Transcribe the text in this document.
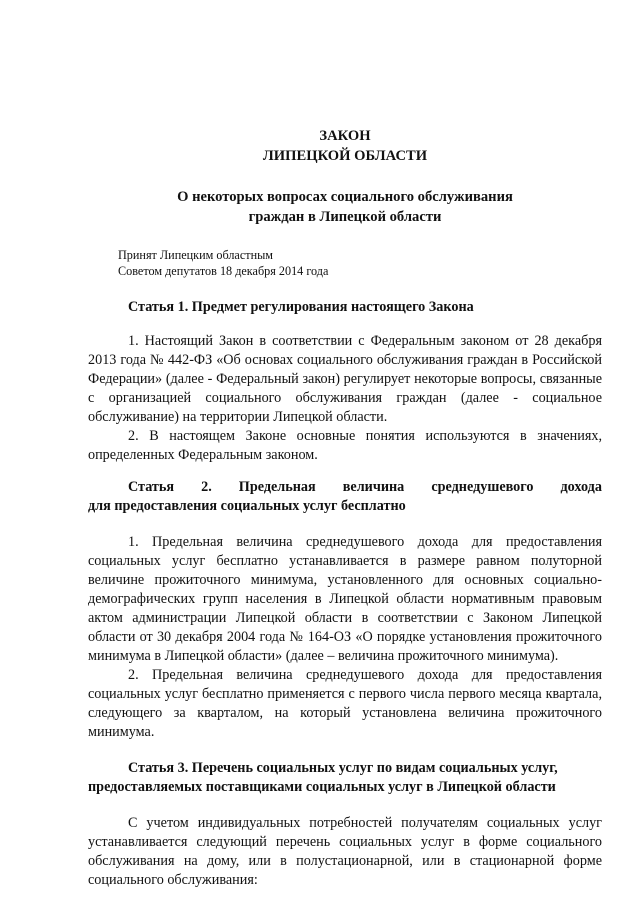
ЗАКОН
ЛИПЕЦКОЙ ОБЛАСТИ
О некоторых вопросах социального обслуживания
граждан в Липецкой области
Принят Липецким областным
Советом депутатов 18 декабря 2014 года
Статья 1. Предмет регулирования настоящего Закона
1. Настоящий Закон в соответствии с Федеральным законом от 28 декабря 2013 года № 442-ФЗ «Об основах социального обслуживания граждан в Российской Федерации» (далее - Федеральный закон) регулирует некоторые вопросы, связанные с организацией социального обслуживания граждан (далее - социальное обслуживание) на территории Липецкой области.
2. В настоящем Законе основные понятия используются в значениях, определенных Федеральным законом.
Статья 2. Предельная величина среднедушевого дохода
для предоставления социальных услуг бесплатно
1. Предельная величина среднедушевого дохода для предоставления социальных услуг бесплатно устанавливается в размере равном полуторной величине прожиточного минимума, установленного для основных социально-демографических групп населения в Липецкой области нормативным правовым актом администрации Липецкой области в соответствии с Законом Липецкой области от 30 декабря 2004 года № 164-ОЗ «О порядке установления прожиточного минимума в Липецкой области» (далее – величина прожиточного минимума).
2. Предельная величина среднедушевого дохода для предоставления социальных услуг бесплатно применяется с первого числа первого месяца квартала, следующего за кварталом, на который установлена величина прожиточного минимума.
Статья 3. Перечень социальных услуг по видам социальных услуг,
предоставляемых поставщиками социальных услуг в Липецкой области
С учетом индивидуальных потребностей получателям социальных услуг устанавливается следующий перечень социальных услуг в форме социального обслуживания на дому, или в полустационарной, или в стационарной форме социального обслуживания:
